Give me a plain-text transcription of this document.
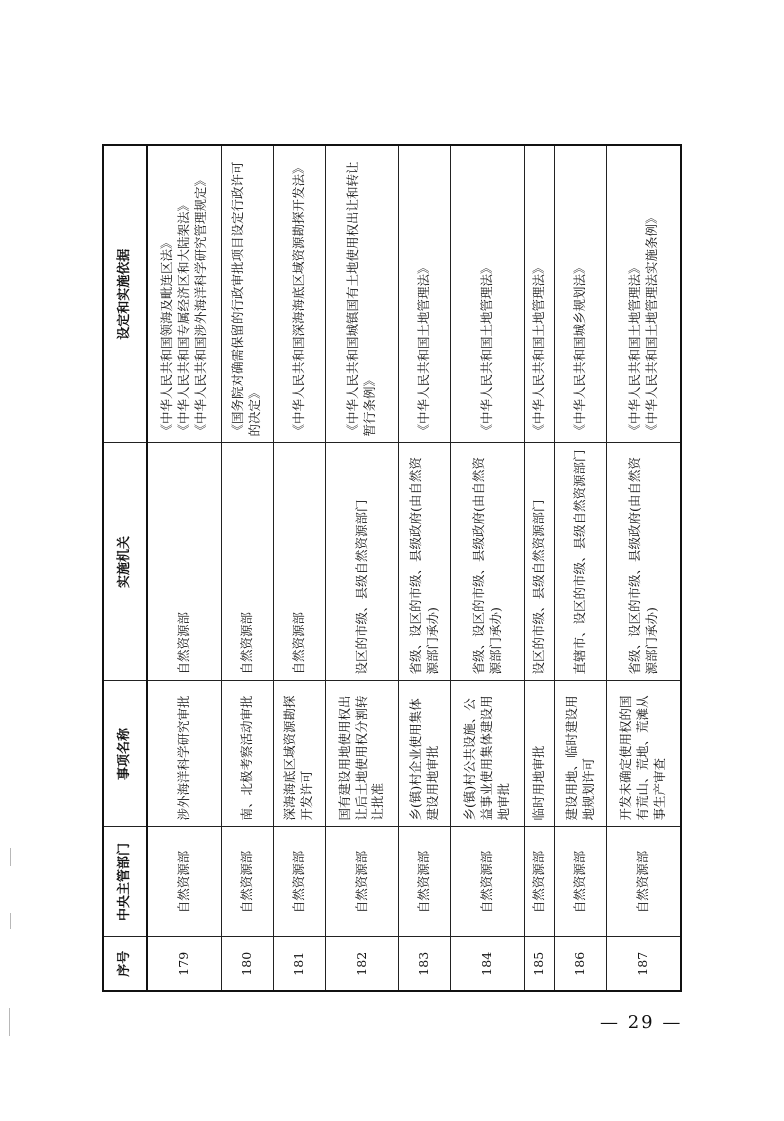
序号	中央主管部门	事项名称	实施机关	设定和实施依据
179	自然资源部	涉外海洋科学研究审批	自然资源部	《中华人民共和国领海及毗连区法》 《中华人民共和国专属经济区和大陆架法》 《中华人民共和国涉外海洋科学研究管理规定》

180	自然资源部	南、北极考察活动审批	自然资源部	《国务院对确需保留的行政审批项目设定行政许可的决定》

181	自然资源部	深海海底区域资源勘探开发许可	自然资源部	《中华人民共和国深海海底区域资源勘探开发法》

182	自然资源部	国有建设用地使用权出让后土地使用权分割转让批准	设区的市级、县级自然资源部门	《中华人民共和国城镇国有土地使用权出让和转让暂行条例》

183	自然资源部	乡(镇)村企业使用集体建设用地审批	省级、设区的市级、县级政府(由自然资源部门承办)	《中华人民共和国土地管理法》

184	自然资源部	乡(镇)村公共设施、公益事业使用集体建设用地审批	省级、设区的市级、县级政府(由自然资源部门承办)	《中华人民共和国土地管理法》

185	自然资源部	临时用地审批	设区的市级、县级自然资源部门	《中华人民共和国土地管理法》

186	自然资源部	建设用地、临时建设用地规划许可	直辖市、设区的市级、县级自然资源部门	《中华人民共和国城乡规划法》

187	自然资源部	开发未确定使用权的国有荒山、荒地、荒滩从事生产审查	省级、设区的市级、县级政府(由自然资源部门承办)	《中华人民共和国土地管理法》 《中华人民共和国土地管理法实施条例》
— 29 —
